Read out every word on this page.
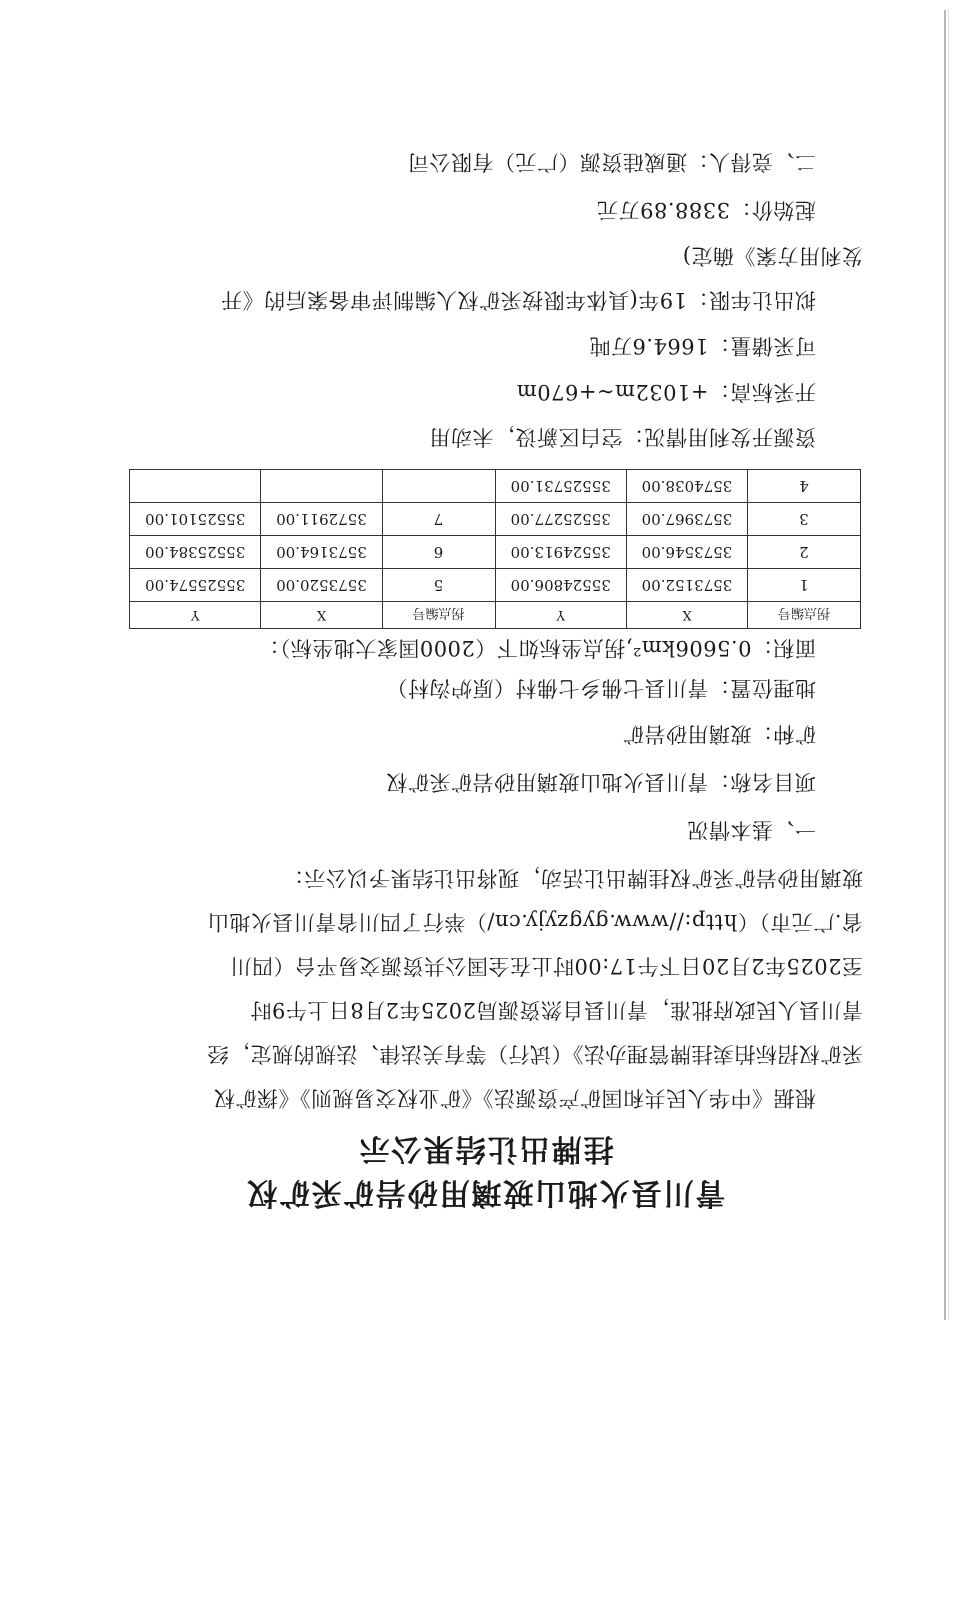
青川县火地山玻璃用砂岩矿采矿权
挂牌出让结果公示
根据《中华人民共和国矿产资源法》《矿业权交易规则》《探矿权
采矿权招标拍卖挂牌管理办法》（试行）等有关法律、法规的规定，经
青川县人民政府批准，青川县自然资源局2025年2月8日上午9时
至2025年2月20日下午17:00时止在全国公共资源交易平台（四川
省.广元市）（http://www.gygzyjy.cn/）举行了四川省青川县火地山
玻璃用砂岩矿采矿权挂牌出让活动，现将出让结果予以公示：
一、基本情况
项目名称：青川县火地山玻璃用砂岩矿采矿权
矿种：玻璃用砂岩矿
地理位置：青川县七佛乡七佛村（原炉沟村）
面积：0.5606km²,拐点坐标如下（2000国家大地坐标）：
拐点编号	X	Y	拐点编号	X	Y
1	3573152.00	35524806.00	5	3573520.00	35525574.00
2	3573546.00	35524913.00	6	3573164.00	35525384.00
3	3573967.00	35525277.00	7	3572911.00	35525101.00
4	3574038.00	35525731.00			
资源开发利用情况：空白区新设，未动用
开采标高：+1032m~+670m
可采储量：1664.6万吨
拟出让年限：19年(具体年限按采矿权人编制评审备案后的《开
发利用方案》确定)
起始价：3388.89万元
二、竞得人：通威硅资源（广元）有限公司
